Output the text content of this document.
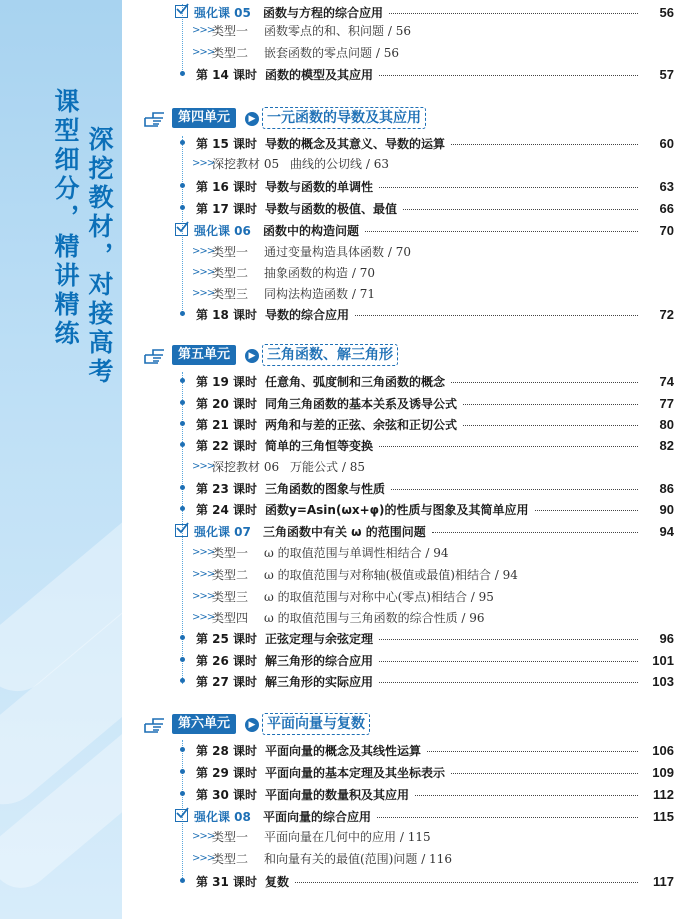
课型细分，精讲精练 深挖教材，对接高考
第四单元	▶ 一元函数的导数及其应用
第五单元	▶ 三角函数、解三角形
第六单元	▶ 平面向量与复数
强化课 05 函数与方程的综合应用	56
>>>
类型一 函数零点的和、积问题 / 56
>>>
类型二 嵌套函数的零点问题 / 56
第 14 课时 函数的模型及其应用	57
第 15 课时 导数的概念及其意义、导数的运算	60
>>>
深挖教材 05 曲线的公切线 / 63
第 16 课时 导数与函数的单调性	63
第 17 课时 导数与函数的极值、最值	66
强化课 06 函数中的构造问题	70
>>>
类型一 通过变量构造具体函数 / 70
>>>
类型二 抽象函数的构造 / 70
>>>
类型三 同构法构造函数 / 71
第 18 课时 导数的综合应用	72
第 19 课时 任意角、弧度制和三角函数的概念	74
第 20 课时 同角三角函数的基本关系及诱导公式	77
第 21 课时 两角和与差的正弦、余弦和正切公式	80
第 22 课时 简单的三角恒等变换	82
>>>
深挖教材 06 万能公式 / 85
第 23 课时 三角函数的图象与性质	86
第 24 课时 函数y=Asin(ωx+φ)的性质与图象及其简单应用	90
强化课 07 三角函数中有关 ω 的范围问题	94
>>>
类型一 ω 的取值范围与单调性相结合 / 94
>>>
类型二 ω 的取值范围与对称轴(极值或最值)相结合 / 94
>>>
类型三 ω 的取值范围与对称中心(零点)相结合 / 95
>>>
类型四 ω 的取值范围与三角函数的综合性质 / 96
第 25 课时 正弦定理与余弦定理	96
第 26 课时 解三角形的综合应用	101
第 27 课时 解三角形的实际应用	103
第 28 课时 平面向量的概念及其线性运算	106
第 29 课时 平面向量的基本定理及其坐标表示	109
第 30 课时 平面向量的数量积及其应用	112
强化课 08 平面向量的综合应用	115
>>>
类型一 平面向量在几何中的应用 / 115
>>>
类型二 和向量有关的最值(范围)问题 / 116
第 31 课时 复数	117
